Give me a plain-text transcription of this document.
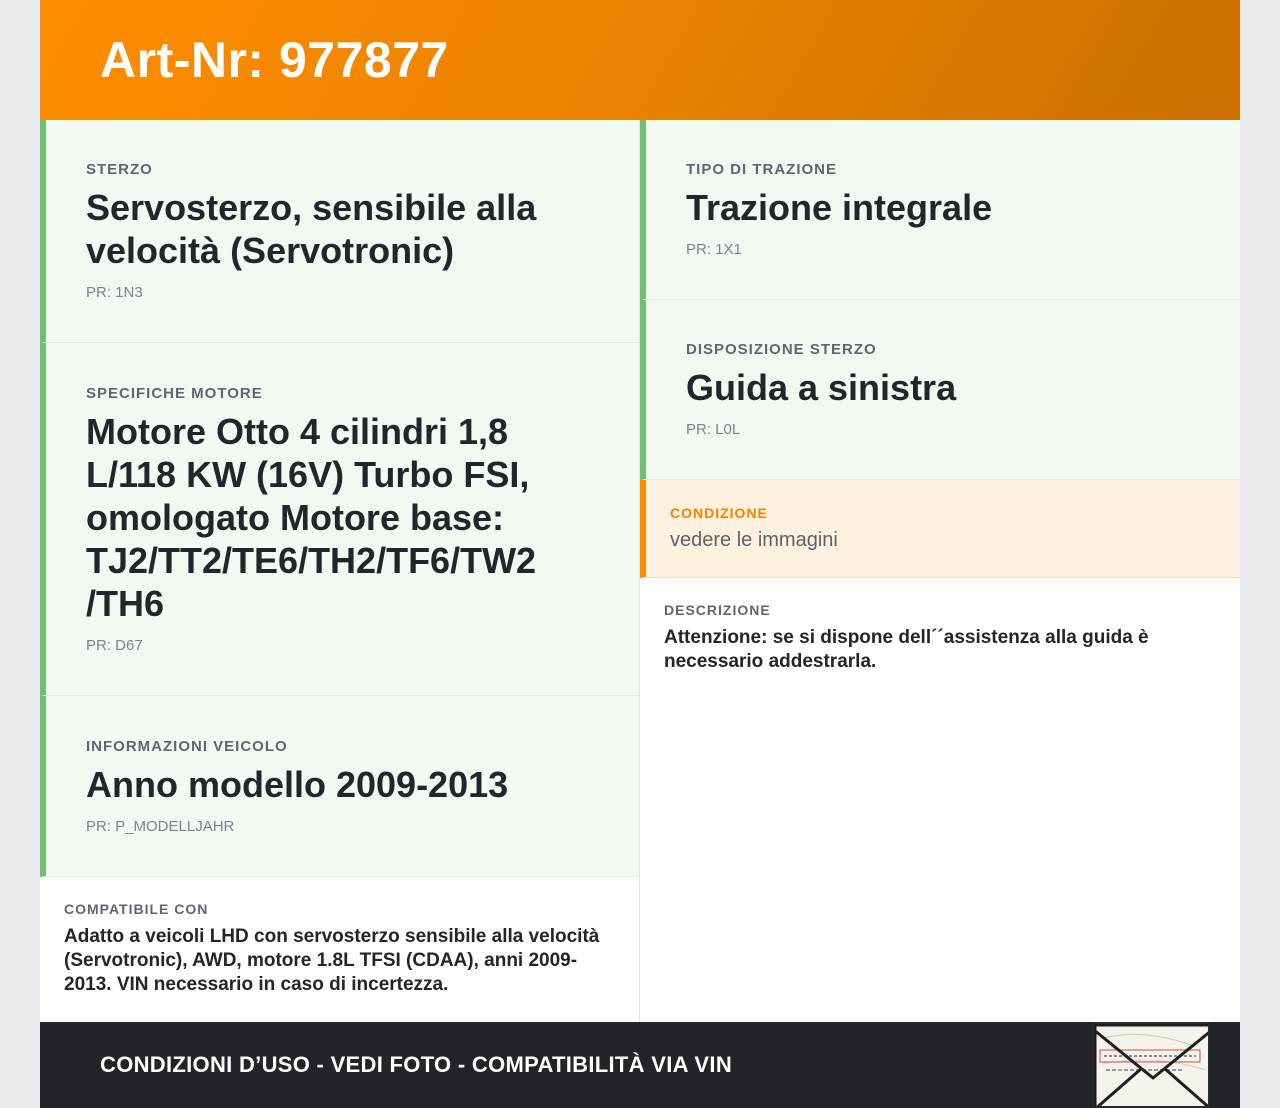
Art-Nr: 977877
STERZO
Servosterzo, sensibile alla velocità (Servotronic)
PR: 1N3
SPECIFICHE MOTORE
Motore Otto 4 cilindri 1,8 L/118 KW (16V) Turbo FSI, omologato Motore base: TJ2/TT2/TE6/TH2/TF6/TW2 /TH6
PR: D67
INFORMAZIONI VEICOLO
Anno modello 2009-2013
PR: P_MODELLJAHR
COMPATIBILE CON
Adatto a veicoli LHD con servosterzo sensibile alla velocità (Servotronic), AWD, motore 1.8L TFSI (CDAA), anni 2009-2013. VIN necessario in caso di incertezza.
TIPO DI TRAZIONE
Trazione integrale
PR: 1X1
DISPOSIZIONE STERZO
Guida a sinistra
PR: L0L
CONDIZIONE
vedere le immagini
DESCRIZIONE
Attenzione: se si dispone dell´´assistenza alla guida è necessario addestrarla.
CONDIZIONI D’USO - VEDI FOTO - COMPATIBILITÀ VIA VIN
